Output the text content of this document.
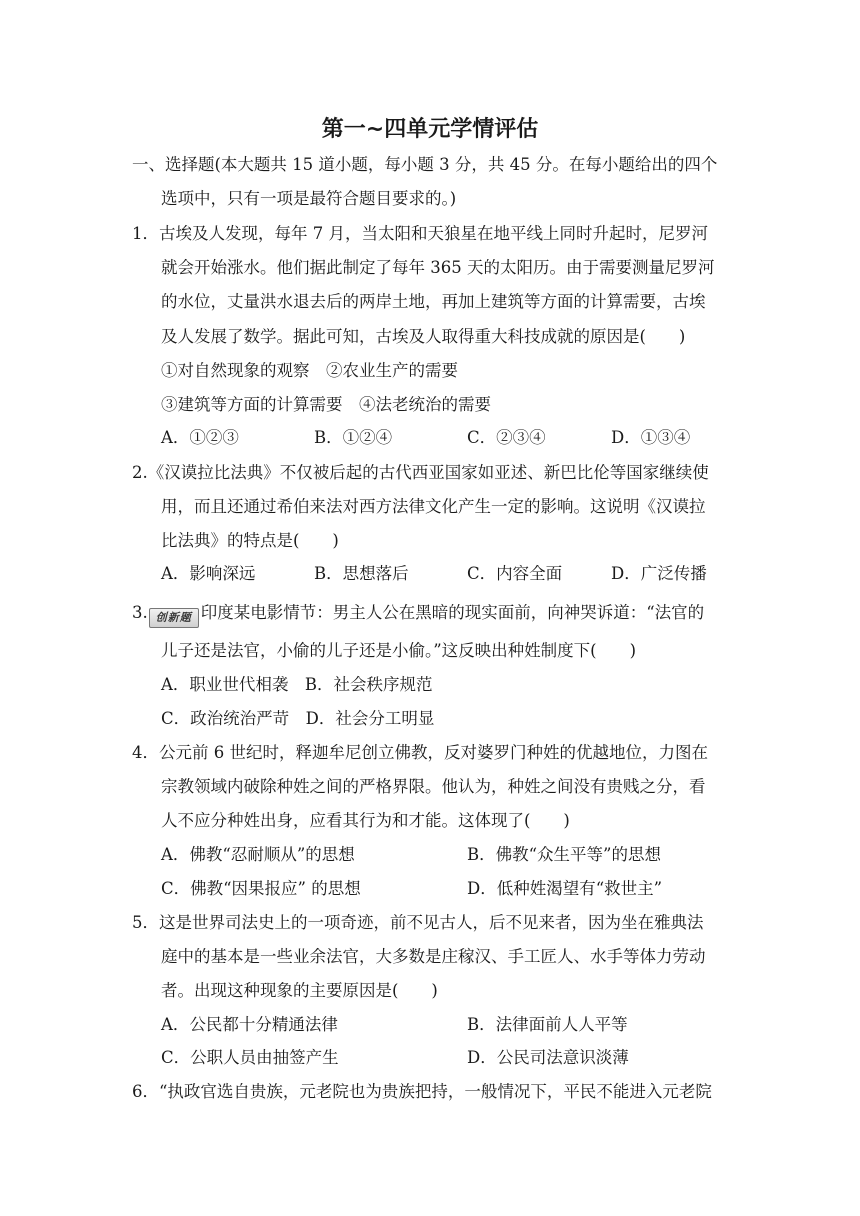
第一~四单元学情评估
一、选择题(本大题共 15 道小题，每小题 3 分，共 45 分。在每小题给出的四个
选项中，只有一项是最符合题目要求的。)
1．古埃及人发现，每年 7 月，当太阳和天狼星在地平线上同时升起时，尼罗河
就会开始涨水。他们据此制定了每年 365 天的太阳历。由于需要测量尼罗河
的水位，丈量洪水退去后的两岸土地，再加上建筑等方面的计算需要，古埃
及人发展了数学。据此可知，古埃及人取得重大科技成就的原因是(　　)
①对自然现象的观察　②农业生产的需要
③建筑等方面的计算需要　④法老统治的需要
A．①②③	B．①②④	C．②③④	D．①③④
2.《汉谟拉比法典》不仅被后起的古代西亚国家如亚述、新巴比伦等国家继续使
用，而且还通过希伯来法对西方法律文化产生一定的影响。这说明《汉谟拉
比法典》的特点是(　　)
A．影响深远	B．思想落后	C．内容全面	D．广泛传播
3. 创新题 印度某电影情节：男主人公在黑暗的现实面前，向神哭诉道：“法官的
儿子还是法官，小偷的儿子还是小偷。”这反映出种姓制度下(　　)
A．职业世代相袭　B．社会秩序规范
C．政治统治严苛　D．社会分工明显
4．公元前 6 世纪时，释迦牟尼创立佛教，反对婆罗门种姓的优越地位，力图在
宗教领域内破除种姓之间的严格界限。他认为，种姓之间没有贵贱之分，看
人不应分种姓出身，应看其行为和才能。这体现了(　　)
A．佛教“忍耐顺从”的思想	B．佛教“众生平等”的思想
C．佛教“因果报应” 的思想	D．低种姓渴望有“救世主”
5．这是世界司法史上的一项奇迹，前不见古人，后不见来者，因为坐在雅典法
庭中的基本是一些业余法官，大多数是庄稼汉、手工匠人、水手等体力劳动
者。出现这种现象的主要原因是(　　)
A．公民都十分精通法律	B．法律面前人人平等
C．公职人员由抽签产生	D．公民司法意识淡薄
6．“执政官选自贵族，元老院也为贵族把持，一般情况下，平民不能进入元老院
